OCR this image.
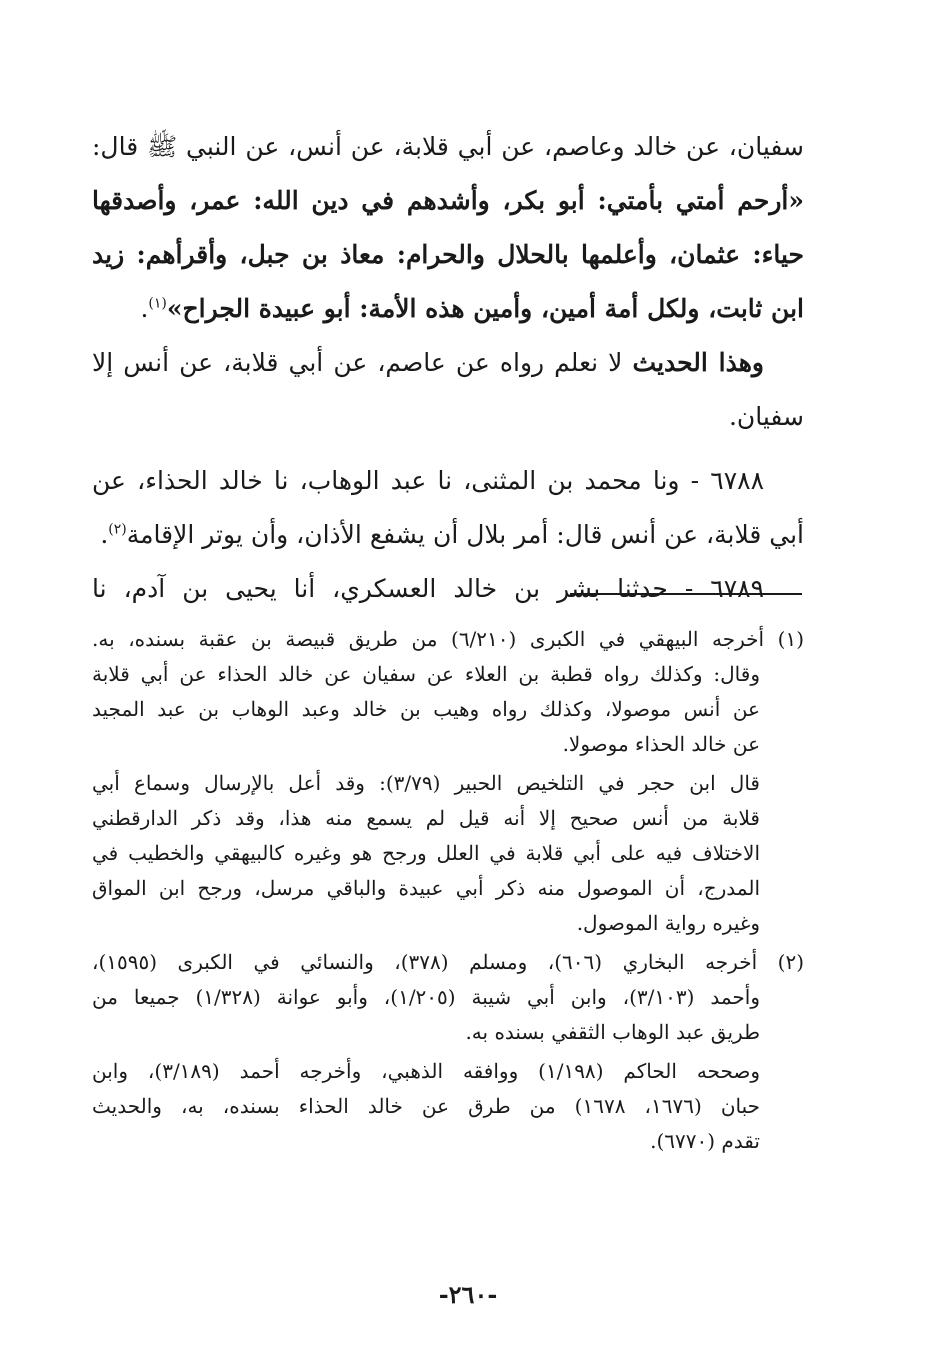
سفيان، عن خالد وعاصم، عن أبي قلابة، عن أنس، عن النبي ﷺ قال:
«أرحم أمتي بأمتي: أبو بكر، وأشدهم في دين الله: عمر، وأصدقها
حياء: عثمان، وأعلمها بالحلال والحرام: معاذ بن جبل، وأقرأهم: زيد
ابن ثابت، ولكل أمة أمين، وأمين هذه الأمة: أبو عبيدة الجراح»$^{(١)}$.
وهذا الحديث لا نعلم رواه عن عاصم، عن أبي قلابة، عن أنس إلا
سفيان.
٦٧٨٨ - ونا محمد بن المثنى، نا عبد الوهاب، نا خالد الحذاء، عن
أبي قلابة، عن أنس قال: أمر بلال أن يشفع الأذان، وأن يوتر الإقامة$^{(٢)}$.
٦٧٨٩ - حدثنا بشر بن خالد العسكري، أنا يحيى بن آدم، نا
(١) أخرجه البيهقي في الكبرى (٦/٢١٠) من طريق قبيصة بن عقبة بسنده، به.
وقال: وكذلك رواه قطبة بن العلاء عن سفيان عن خالد الحذاء عن أبي قلابة
عن أنس موصولا، وكذلك رواه وهيب بن خالد وعبد الوهاب بن عبد المجيد
عن خالد الحذاء موصولا.
قال ابن حجر في التلخيص الحبير (٣/٧٩): وقد أعل بالإرسال وسماع أبي
قلابة من أنس صحيح إلا أنه قيل لم يسمع منه هذا، وقد ذكر الدارقطني
الاختلاف فيه على أبي قلابة في العلل ورجح هو وغيره كالبيهقي والخطيب في
المدرج، أن الموصول منه ذكر أبي عبيدة والباقي مرسل، ورجح ابن المواق
وغيره رواية الموصول.
(٢) أخرجه البخاري (٦٠٦)، ومسلم (٣٧٨)، والنسائي في الكبرى (١٥٩٥)،
وأحمد (٣/١٠٣)، وابن أبي شيبة (١/٢٠٥)، وأبو عوانة (١/٣٢٨) جميعا من
طريق عبد الوهاب الثقفي بسنده به.
وصححه الحاكم (١/١٩٨) ووافقه الذهبي، وأخرجه أحمد (٣/١٨٩)، وابن
حبان (١٦٧٦، ١٦٧٨) من طرق عن خالد الحذاء بسنده، به، والحديث
تقدم (٦٧٧٠).
-٢٦٠-
